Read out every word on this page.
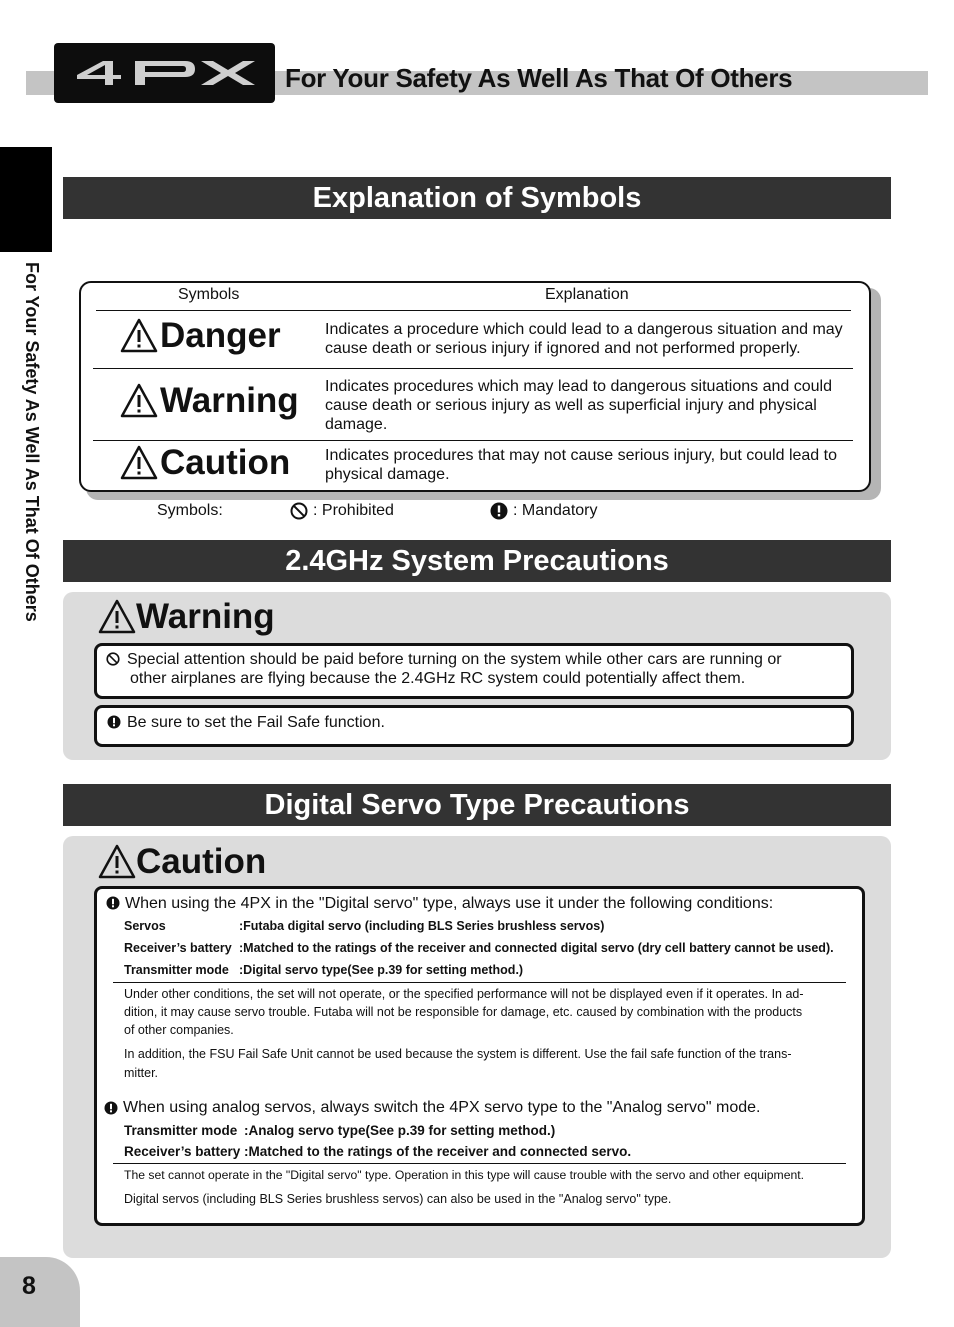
For Your Safety As Well As That Of Others
For Your Safety As Well As That Of Others
Explanation of Symbols
Symbols	Explanation
Danger	Indicates a procedure which could lead to a dangerous situation and may cause death or serious injury if ignored and not performed properly.
Warning Indicates procedures which may lead to dangerous situations and could cause death or serious injury as well as superficial injury and physical damage.
Caution Indicates procedures that may not cause serious injury, but could lead to physical damage.
Symbols:	: Prohibited	: Mandatory
2.4GHz System Precautions
Warning
Special attention should be paid before turning on the system while other cars are running or
other airplanes are flying because the 2.4GHz RC system could potentially affect them.
Be sure to set the Fail Safe function.
Digital Servo Type Precautions
Caution
When using the 4PX in the "Digital servo" type, always use it under the following conditions:
Servos	:Futaba digital servo (including BLS Series brushless servos)
Receiver’s battery :Matched to the ratings of the receiver and connected digital servo (dry cell battery cannot be used).
Transmitter mode :Digital servo type(See p.39 for setting method.)
Under other conditions, the set will not operate, or the specified performance will not be displayed even if it operates. In ad-
dition, it may cause servo trouble. Futaba will not be responsible for damage, etc. caused by combination with the products
of other companies.
In addition, the FSU Fail Safe Unit cannot be used because the system is different. Use the fail safe function of the trans-
mitter.
When using analog servos, always switch the 4PX servo type to the "Analog servo" mode.
Transmitter mode :Analog servo type(See p.39 for setting method.)
Receiver’s battery :Matched to the ratings of the receiver and connected servo.
The set cannot operate in the "Digital servo" type. Operation in this type will cause trouble with the servo and other equipment.
Digital servos (including BLS Series brushless servos) can also be used in the "Analog servo" type.
8
